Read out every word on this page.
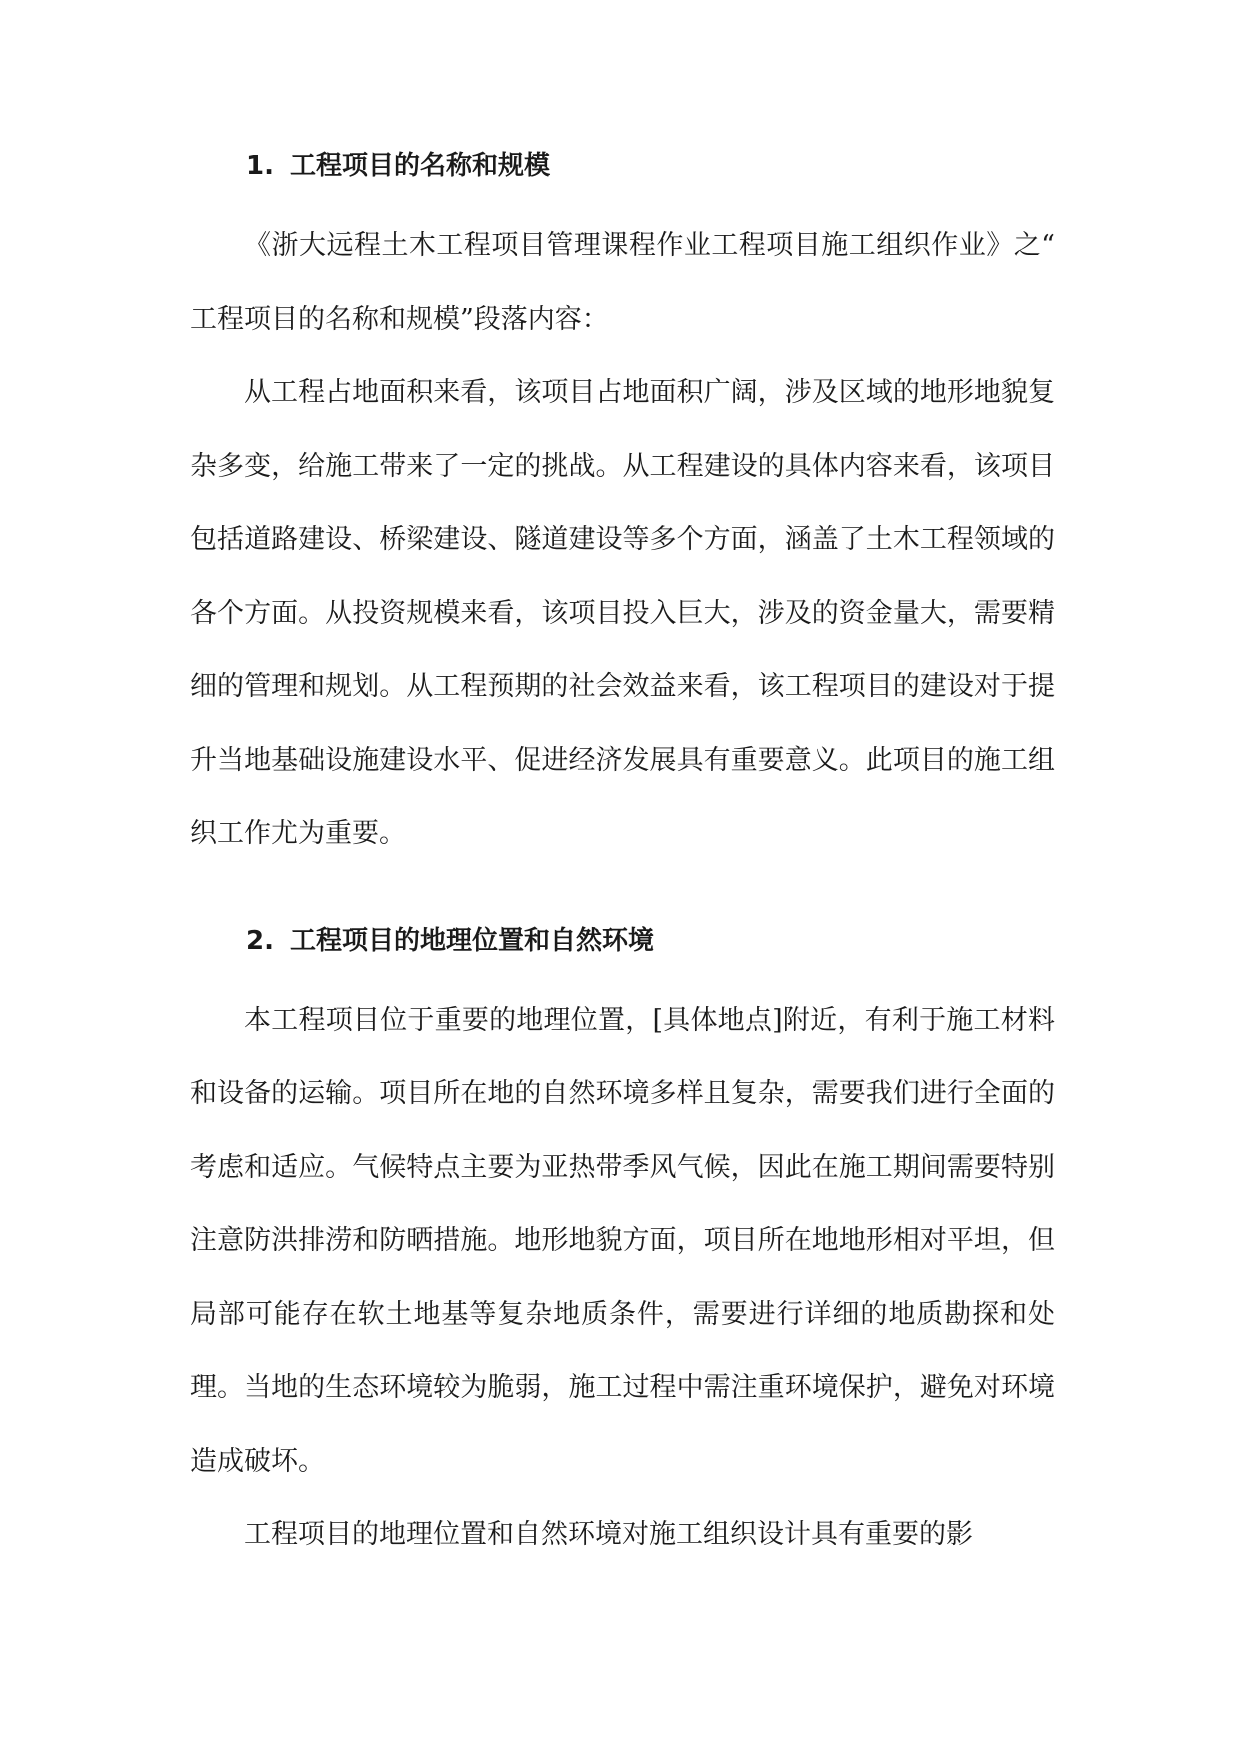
1. 工程项目的名称和规模

《浙大远程土木工程项目管理课程作业工程项目施工组织作业》之“ 工程项目的名称和规模”段落内容：

从工程占地面积来看，该项目占地面积广阔，涉及区域的地形地貌复杂多变，给施工带来了一定的挑战。从工程建设的具体内容来看，该项目包括道路建设、桥梁建设、隧道建设等多个方面，涵盖了土木工程领域的各个方面。从投资规模来看，该项目投入巨大，涉及的资金量大，需要精细的管理和规划。从工程预期的社会效益来看，该工程项目的建设对于提升当地基础设施建设水平、促进经济发展具有重要意义。此项目的施工组织工作尤为重要。

2. 工程项目的地理位置和自然环境

本工程项目位于重要的地理位置，[具体地点]附近，有利于施工材料和设备的运输。项目所在地的自然环境多样且复杂，需要我们进行全面的考虑和适应。气候特点主要为亚热带季风气候，因此在施工期间需要特别注意防洪排涝和防晒措施。地形地貌方面，项目所在地地形相对平坦，但局部可能存在软土地基等复杂地质条件，需要进行详细的地质勘探和处理。当地的生态环境较为脆弱，施工过程中需注重环境保护，避免对环境造成破坏。

工程项目的地理位置和自然环境对施工组织设计具有重要的影
